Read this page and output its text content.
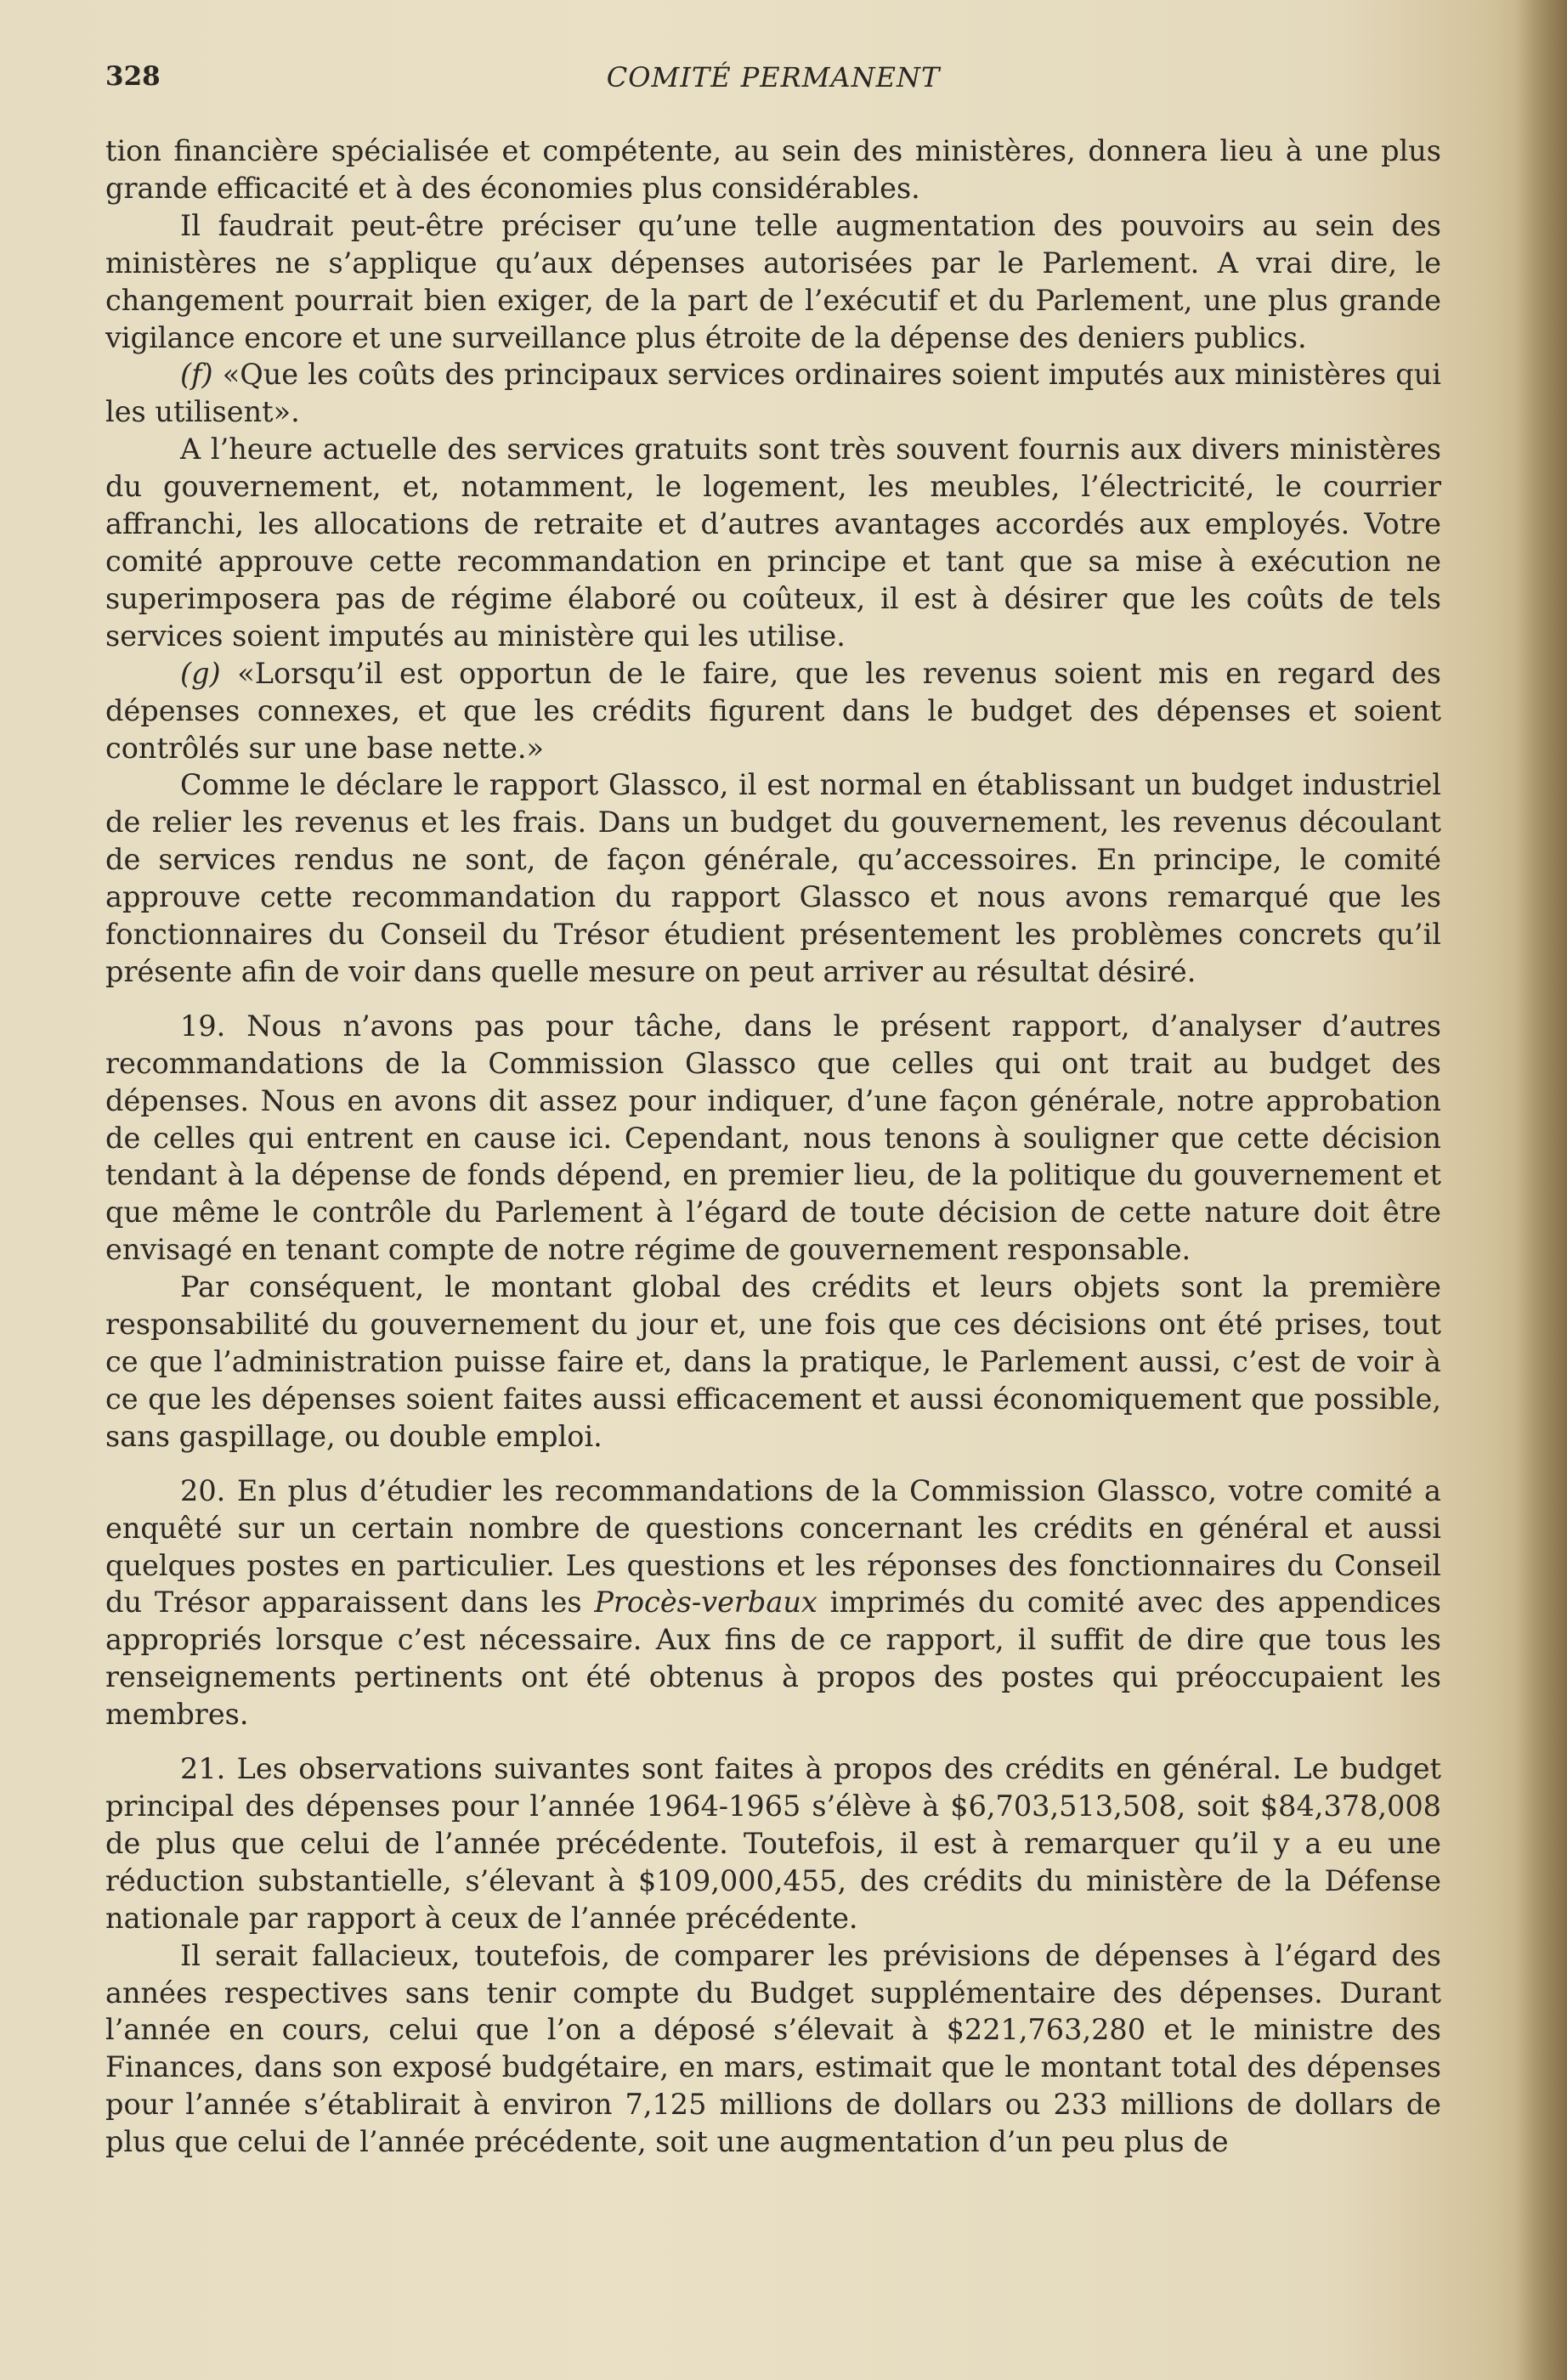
328	COMITÉ PERMANENT

tion financière spécialisée et compétente, au sein des ministères, donnera lieu à une plus grande efficacité et à des économies plus considérables.

Il faudrait peut-être préciser qu’une telle augmentation des pouvoirs au sein des ministères ne s’applique qu’aux dépenses autorisées par le Parlement. A vrai dire, le changement pourrait bien exiger, de la part de l’exécutif et du Parlement, une plus grande vigilance encore et une surveillance plus étroite de la dépense des deniers publics.

(f) «Que les coûts des principaux services ordinaires soient imputés aux ministères qui les utilisent».

A l’heure actuelle des services gratuits sont très souvent fournis aux divers ministères du gouvernement, et, notamment, le logement, les meubles, l’électricité, le courrier affranchi, les allocations de retraite et d’autres avantages accordés aux employés. Votre comité approuve cette recommandation en principe et tant que sa mise à exécution ne superimposera pas de régime élaboré ou coûteux, il est à désirer que les coûts de tels services soient imputés au ministère qui les utilise.

(g) «Lorsqu’il est opportun de le faire, que les revenus soient mis en regard des dépenses connexes, et que les crédits figurent dans le budget des dépenses et soient contrôlés sur une base nette.»

Comme le déclare le rapport Glassco, il est normal en établissant un budget industriel de relier les revenus et les frais. Dans un budget du gouvernement, les revenus découlant de services rendus ne sont, de façon générale, qu’accessoires. En principe, le comité approuve cette recommandation du rapport Glassco et nous avons remarqué que les fonctionnaires du Conseil du Trésor étudient présentement les problèmes concrets qu’il présente afin de voir dans quelle mesure on peut arriver au résultat désiré.

19. Nous n’avons pas pour tâche, dans le présent rapport, d’analyser d’autres recommandations de la Commission Glassco que celles qui ont trait au budget des dépenses. Nous en avons dit assez pour indiquer, d’une façon générale, notre approbation de celles qui entrent en cause ici. Cependant, nous tenons à souligner que cette décision tendant à la dépense de fonds dépend, en premier lieu, de la politique du gouvernement et que même le contrôle du Parlement à l’égard de toute décision de cette nature doit être envisagé en tenant compte de notre régime de gouvernement responsable.

Par conséquent, le montant global des crédits et leurs objets sont la première responsabilité du gouvernement du jour et, une fois que ces décisions ont été prises, tout ce que l’administration puisse faire et, dans la pratique, le Parlement aussi, c’est de voir à ce que les dépenses soient faites aussi efficacement et aussi économiquement que possible, sans gaspillage, ou double emploi.

20. En plus d’étudier les recommandations de la Commission Glassco, votre comité a enquêté sur un certain nombre de questions concernant les crédits en général et aussi quelques postes en particulier. Les questions et les réponses des fonctionnaires du Conseil du Trésor apparaissent dans les Procès-verbaux imprimés du comité avec des appendices appropriés lorsque c’est nécessaire. Aux fins de ce rapport, il suffit de dire que tous les renseignements pertinents ont été obtenus à propos des postes qui préoccupaient les membres.

21. Les observations suivantes sont faites à propos des crédits en général. Le budget principal des dépenses pour l’année 1964-1965 s’élève à $6,703,513,508, soit $84,378,008 de plus que celui de l’année précédente. Toutefois, il est à remarquer qu’il y a eu une réduction substantielle, s’élevant à $109,000,455, des crédits du ministère de la Défense nationale par rapport à ceux de l’année précédente.

Il serait fallacieux, toutefois, de comparer les prévisions de dépenses à l’égard des années respectives sans tenir compte du Budget supplémentaire des dépenses. Durant l’année en cours, celui que l’on a déposé s’élevait à $221,763,280 et le ministre des Finances, dans son exposé budgétaire, en mars, estimait que le montant total des dépenses pour l’année s’établirait à environ 7,125 millions de dollars ou 233 millions de dollars de plus que celui de l’année précédente, soit une augmentation d’un peu plus de
